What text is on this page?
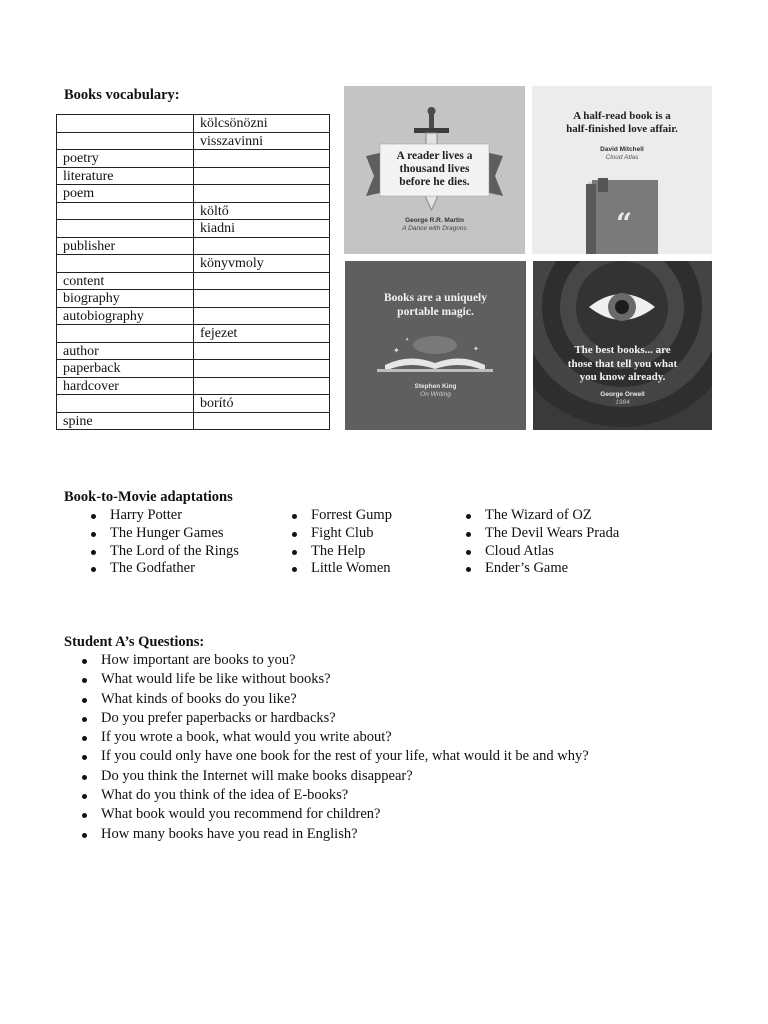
Books vocabulary:
	kölcsönözni
	visszavinni
poetry	
literature	
poem	
	költő
	kiadni
publisher	
	könyvmoly
content	
biography	
autobiography	
	fejezet
author	
paperback	
hardcover	
	borító
spine	
A reader lives a
thousand lives
before he dies.
George R.R. Martin
A Dance with Dragons
A half-read book is a
half-finished love affair.
David Mitchell
Cloud Atlas
“
Books are a uniquely
portable magic.
✦	✦
✦
Stephen King
On Writing
The best books... are
those that tell you what
you know already.
George Orwell
1984
Book-to-Movie adaptations
Harry Potter
The Hunger Games
The Lord of the Rings
The Godfather
Forrest Gump
Fight Club
The Help
Little Women
The Wizard of OZ
The Devil Wears Prada
Cloud Atlas
Ender’s Game
Student A’s Questions:
How important are books to you?
What would life be like without books?
What kinds of books do you like?
Do you prefer paperbacks or hardbacks?
If you wrote a book, what would you write about?
If you could only have one book for the rest of your life, what would it be and why?
Do you think the Internet will make books disappear?
What do you think of the idea of E-books?
What book would you recommend for children?
How many books have you read in English?
